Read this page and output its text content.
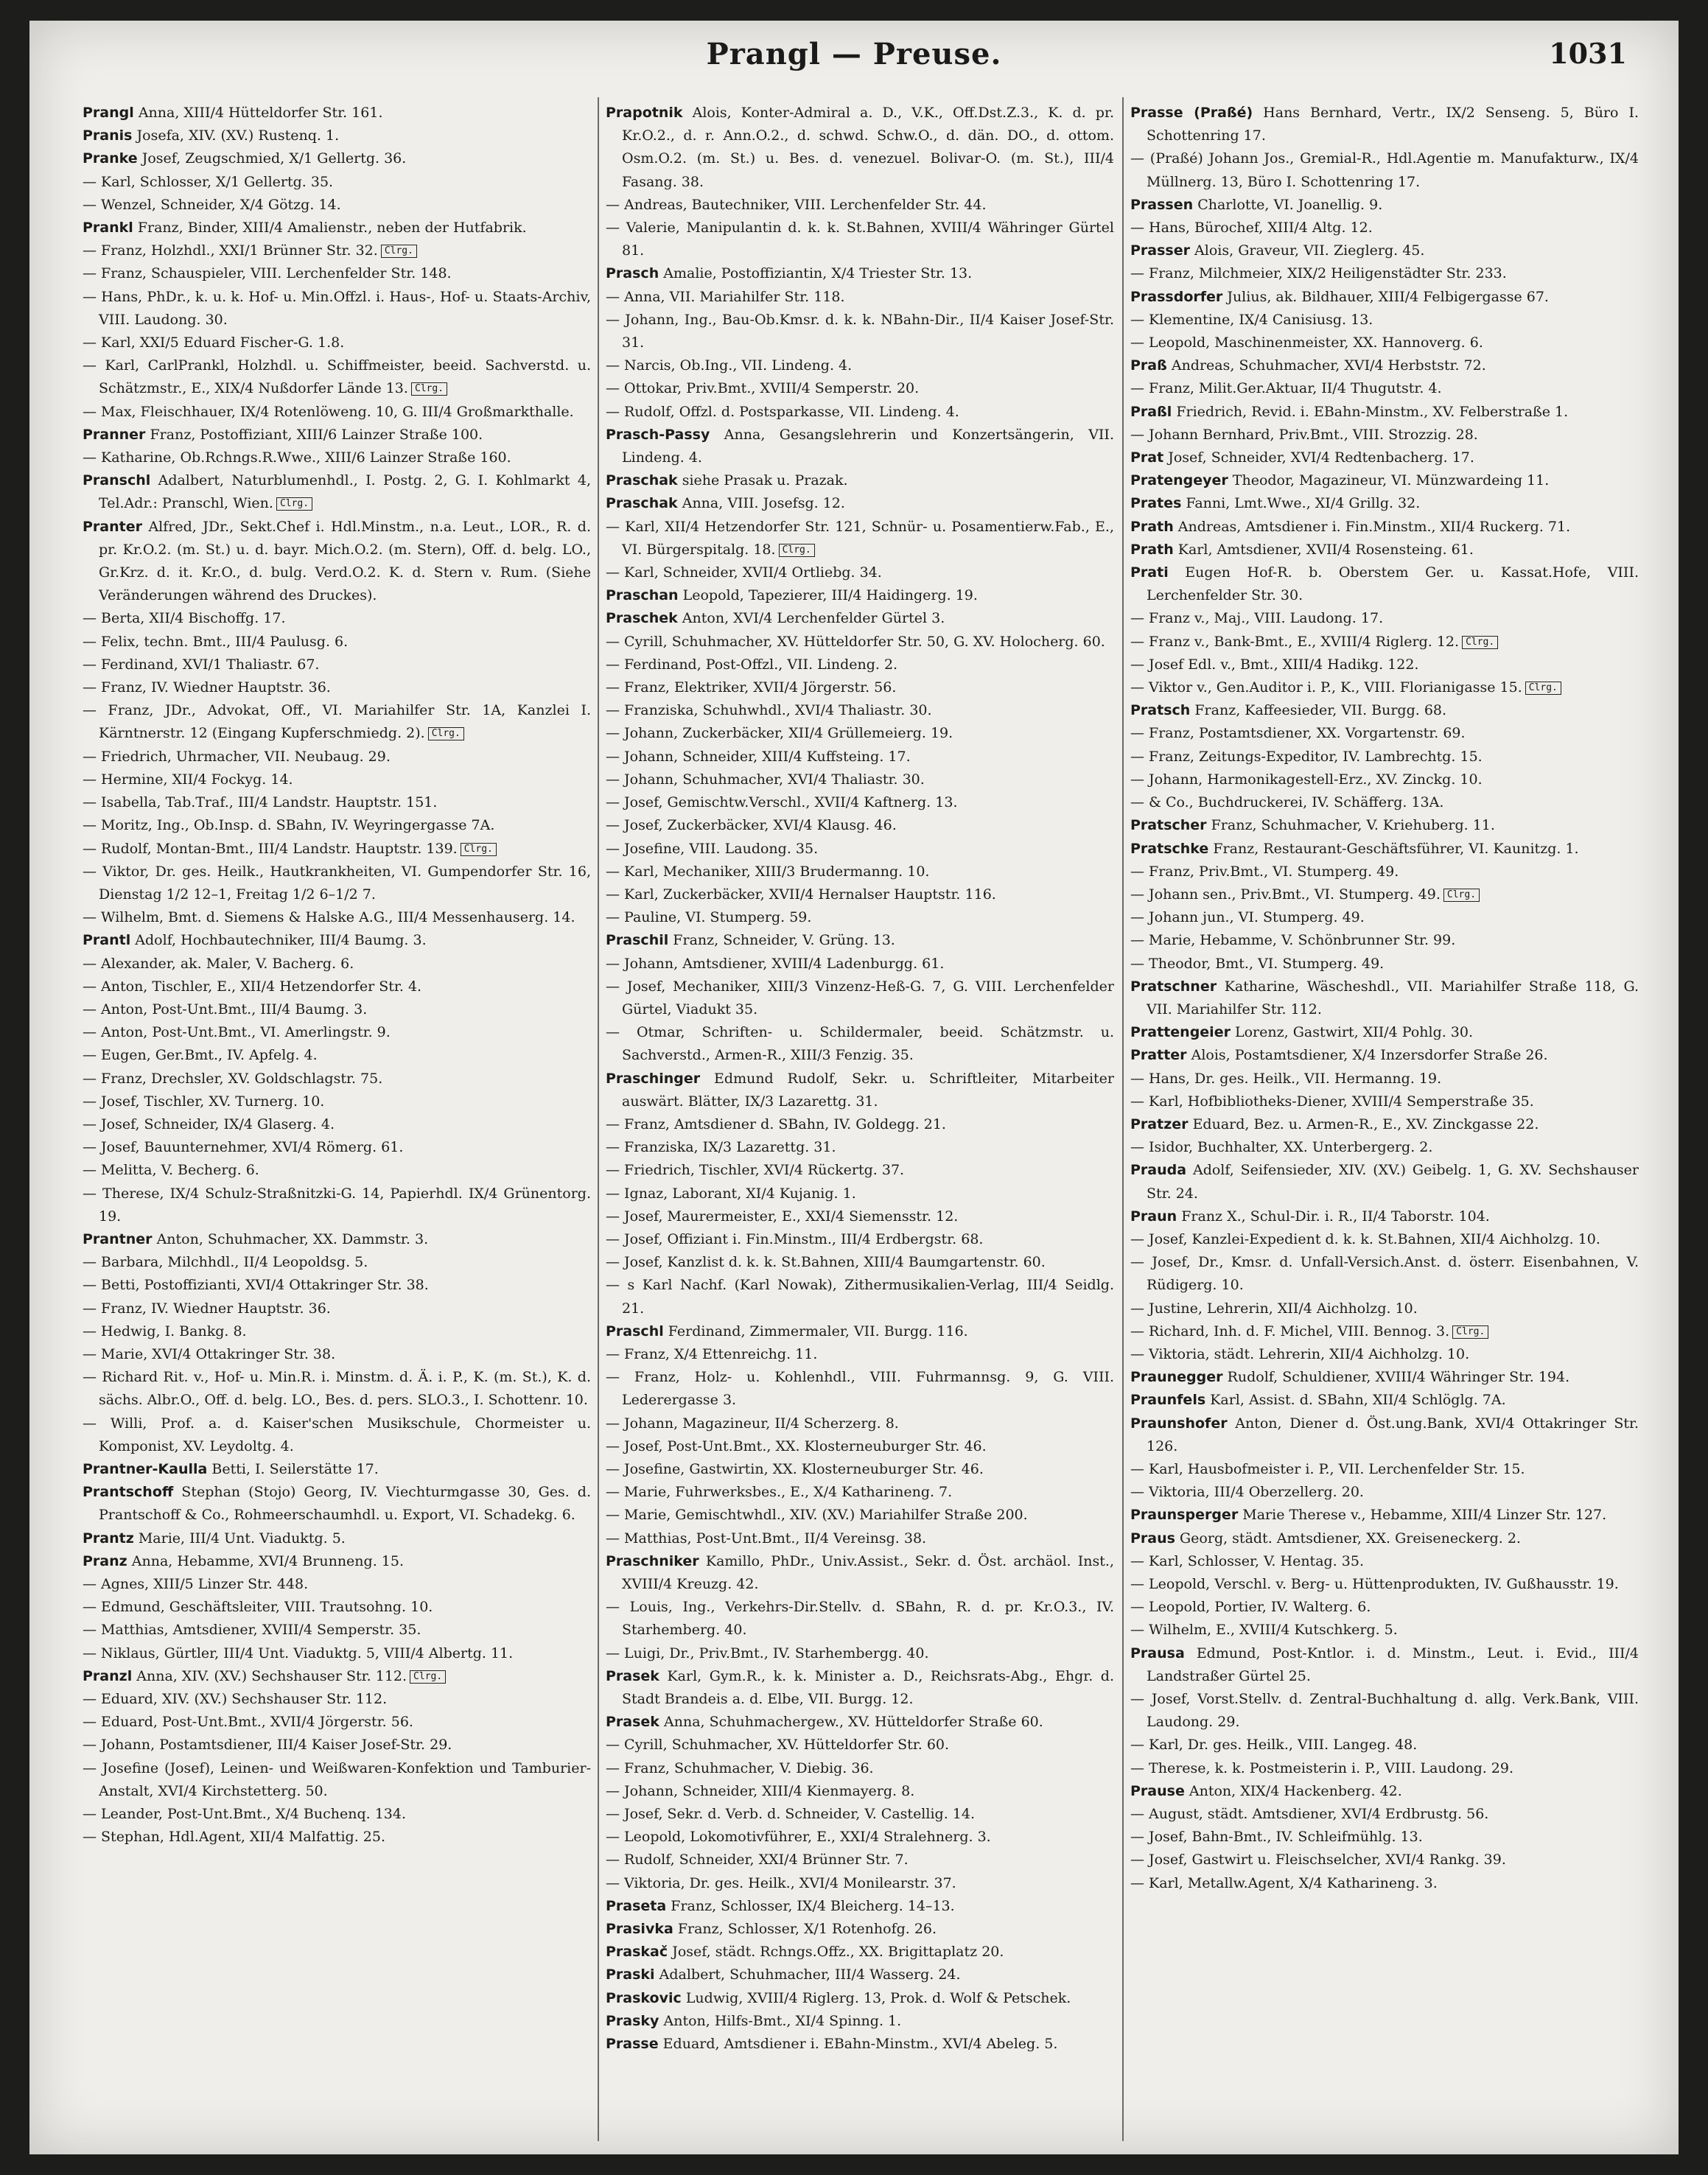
Prangl — Preuse.	1031
Prangl Anna, XIII/4 Hütteldorfer Str. 161.
Pranis Josefa, XIV. (XV.) Rustenq. 1.
Pranke Josef, Zeugschmied, X/1 Gellertg. 36.
— Karl, Schlosser, X/1 Gellertg. 35.
— Wenzel, Schneider, X/4 Götzg. 14.
Prankl Franz, Binder, XIII/4 Amalienstr., neben der Hutfabrik.
— Franz, Holzhdl., XXI/1 Brünner Str. 32. Clrg.
— Franz, Schauspieler, VIII. Lerchenfelder Str. 148.
— Hans, PhDr., k. u. k. Hof- u. Min.Offzl. i. Haus-, Hof- u. Staats-Archiv, VIII. Laudong. 30.
— Karl, XXI/5 Eduard Fischer-G. 1.8.
— Karl, CarlPrankl, Holzhdl. u. Schiffmeister, beeid. Sachverstd. u. Schätzmstr., E., XIX/4 Nußdorfer Lände 13. Clrg.
— Max, Fleischhauer, IX/4 Rotenlöweng. 10, G. III/4 Großmarkthalle.
Pranner Franz, Postoffiziant, XIII/6 Lainzer Straße 100.
— Katharine, Ob.Rchngs.R.Wwe., XIII/6 Lainzer Straße 160.
Pranschl Adalbert, Naturblumenhdl., I. Postg. 2, G. I. Kohlmarkt 4, Tel.Adr.: Pranschl, Wien. Clrg.
Pranter Alfred, JDr., Sekt.Chef i. Hdl.Minstm., n.a. Leut., LOR., R. d. pr. Kr.O.2. (m. St.) u. d. bayr. Mich.O.2. (m. Stern), Off. d. belg. LO., Gr.Krz. d. it. Kr.O., d. bulg. Verd.O.2. K. d. Stern v. Rum. (Siehe Veränderungen während des Druckes).
— Berta, XII/4 Bischoffg. 17.
— Felix, techn. Bmt., III/4 Paulusg. 6.
— Ferdinand, XVI/1 Thaliastr. 67.
— Franz, IV. Wiedner Hauptstr. 36.
— Franz, JDr., Advokat, Off., VI. Mariahilfer Str. 1A, Kanzlei I. Kärntnerstr. 12 (Eingang Kupferschmiedg. 2). Clrg.
— Friedrich, Uhrmacher, VII. Neubaug. 29.
— Hermine, XII/4 Fockyg. 14.
— Isabella, Tab.Traf., III/4 Landstr. Hauptstr. 151.
— Moritz, Ing., Ob.Insp. d. SBahn, IV. Weyringergasse 7A.
— Rudolf, Montan-Bmt., III/4 Landstr. Hauptstr. 139. Clrg.
— Viktor, Dr. ges. Heilk., Hautkrankheiten, VI. Gumpendorfer Str. 16, Dienstag 1/2 12–1, Freitag 1/2 6–1/2 7.
— Wilhelm, Bmt. d. Siemens & Halske A.G., III/4 Messenhauserg. 14.
Prantl Adolf, Hochbautechniker, III/4 Baumg. 3.
— Alexander, ak. Maler, V. Bacherg. 6.
— Anton, Tischler, E., XII/4 Hetzendorfer Str. 4.
— Anton, Post-Unt.Bmt., III/4 Baumg. 3.
— Anton, Post-Unt.Bmt., VI. Amerlingstr. 9.
— Eugen, Ger.Bmt., IV. Apfelg. 4.
— Franz, Drechsler, XV. Goldschlagstr. 75.
— Josef, Tischler, XV. Turnerg. 10.
— Josef, Schneider, IX/4 Glaserg. 4.
— Josef, Bauunternehmer, XVI/4 Römerg. 61.
— Melitta, V. Becherg. 6.
— Therese, IX/4 Schulz-Straßnitzki-G. 14, Papierhdl. IX/4 Grünentorg. 19.
Prantner Anton, Schuhmacher, XX. Dammstr. 3.
— Barbara, Milchhdl., II/4 Leopoldsg. 5.
— Betti, Postoffizianti, XVI/4 Ottakringer Str. 38.
— Franz, IV. Wiedner Hauptstr. 36.
— Hedwig, I. Bankg. 8.
— Marie, XVI/4 Ottakringer Str. 38.
— Richard Rit. v., Hof- u. Min.R. i. Minstm. d. Ä. i. P., K. (m. St.), K. d. sächs. Albr.O., Off. d. belg. LO., Bes. d. pers. SLO.3., I. Schottenr. 10.
— Willi, Prof. a. d. Kaiser'schen Musikschule, Chormeister u. Komponist, XV. Leydoltg. 4.
Prantner-Kaulla Betti, I. Seilerstätte 17.
Prantschoff Stephan (Stojo) Georg, IV. Viechturmgasse 30, Ges. d. Prantschoff & Co., Rohmeerschaumhdl. u. Export, VI. Schadekg. 6.
Prantz Marie, III/4 Unt. Viaduktg. 5.
Pranz Anna, Hebamme, XVI/4 Brunneng. 15.
— Agnes, XIII/5 Linzer Str. 448.
— Edmund, Geschäftsleiter, VIII. Trautsohng. 10.
— Matthias, Amtsdiener, XVIII/4 Semperstr. 35.
— Niklaus, Gürtler, III/4 Unt. Viaduktg. 5, VIII/4 Albertg. 11.
Pranzl Anna, XIV. (XV.) Sechshauser Str. 112. Clrg.
— Eduard, XIV. (XV.) Sechshauser Str. 112.
— Eduard, Post-Unt.Bmt., XVII/4 Jörgerstr. 56.
— Johann, Postamtsdiener, III/4 Kaiser Josef-Str. 29.
— Josefine (Josef), Leinen- und Weißwaren-Konfektion und Tamburier-Anstalt, XVI/4 Kirchstetterg. 50.
— Leander, Post-Unt.Bmt., X/4 Buchenq. 134.
— Stephan, Hdl.Agent, XII/4 Malfattig. 25.
Prapotnik Alois, Konter-Admiral a. D., V.K., Off.Dst.Z.3., K. d. pr. Kr.O.2., d. r. Ann.O.2., d. schwd. Schw.O., d. dän. DO., d. ottom. Osm.O.2. (m. St.) u. Bes. d. venezuel. Bolivar-O. (m. St.), III/4 Fasang. 38.
— Andreas, Bautechniker, VIII. Lerchenfelder Str. 44.
— Valerie, Manipulantin d. k. k. St.Bahnen, XVIII/4 Währinger Gürtel 81.
Prasch Amalie, Postoffiziantin, X/4 Triester Str. 13.
— Anna, VII. Mariahilfer Str. 118.
— Johann, Ing., Bau-Ob.Kmsr. d. k. k. NBahn-Dir., II/4 Kaiser Josef-Str. 31.
— Narcis, Ob.Ing., VII. Lindeng. 4.
— Ottokar, Priv.Bmt., XVIII/4 Semperstr. 20.
— Rudolf, Offzl. d. Postsparkasse, VII. Lindeng. 4.
Prasch-Passy Anna, Gesangslehrerin und Konzertsängerin, VII. Lindeng. 4.
Praschak siehe Prasak u. Prazak.
Praschak Anna, VIII. Josefsg. 12.
— Karl, XII/4 Hetzendorfer Str. 121, Schnür- u. Posamentierw.Fab., E., VI. Bürgerspitalg. 18. Clrg.
— Karl, Schneider, XVII/4 Ortliebg. 34.
Praschan Leopold, Tapezierer, III/4 Haidingerg. 19.
Praschek Anton, XVI/4 Lerchenfelder Gürtel 3.
— Cyrill, Schuhmacher, XV. Hütteldorfer Str. 50, G. XV. Holocherg. 60.
— Ferdinand, Post-Offzl., VII. Lindeng. 2.
— Franz, Elektriker, XVII/4 Jörgerstr. 56.
— Franziska, Schuhwhdl., XVI/4 Thaliastr. 30.
— Johann, Zuckerbäcker, XII/4 Grüllemeierg. 19.
— Johann, Schneider, XIII/4 Kuffsteing. 17.
— Johann, Schuhmacher, XVI/4 Thaliastr. 30.
— Josef, Gemischtw.Verschl., XVII/4 Kaftnerg. 13.
— Josef, Zuckerbäcker, XVI/4 Klausg. 46.
— Josefine, VIII. Laudong. 35.
— Karl, Mechaniker, XIII/3 Brudermanng. 10.
— Karl, Zuckerbäcker, XVII/4 Hernalser Hauptstr. 116.
— Pauline, VI. Stumperg. 59.
Praschil Franz, Schneider, V. Grüng. 13.
— Johann, Amtsdiener, XVIII/4 Ladenburgg. 61.
— Josef, Mechaniker, XIII/3 Vinzenz-Heß-G. 7, G. VIII. Lerchenfelder Gürtel, Viadukt 35.
— Otmar, Schriften- u. Schildermaler, beeid. Schätzmstr. u. Sachverstd., Armen-R., XIII/3 Fenzig. 35.
Praschinger Edmund Rudolf, Sekr. u. Schriftleiter, Mitarbeiter auswärt. Blätter, IX/3 Lazarettg. 31.
— Franz, Amtsdiener d. SBahn, IV. Goldegg. 21.
— Franziska, IX/3 Lazarettg. 31.
— Friedrich, Tischler, XVI/4 Rückertg. 37.
— Ignaz, Laborant, XI/4 Kujanig. 1.
— Josef, Maurermeister, E., XXI/4 Siemensstr. 12.
— Josef, Offiziant i. Fin.Minstm., III/4 Erdbergstr. 68.
— Josef, Kanzlist d. k. k. St.Bahnen, XIII/4 Baumgartenstr. 60.
— s Karl Nachf. (Karl Nowak), Zithermusikalien-Verlag, III/4 Seidlg. 21.
Praschl Ferdinand, Zimmermaler, VII. Burgg. 116.
— Franz, X/4 Ettenreichg. 11.
— Franz, Holz- u. Kohlenhdl., VIII. Fuhrmannsg. 9, G. VIII. Lederergasse 3.
— Johann, Magazineur, II/4 Scherzerg. 8.
— Josef, Post-Unt.Bmt., XX. Klosterneuburger Str. 46.
— Josefine, Gastwirtin, XX. Klosterneuburger Str. 46.
— Marie, Fuhrwerksbes., E., X/4 Katharineng. 7.
— Marie, Gemischtwhdl., XIV. (XV.) Mariahilfer Straße 200.
— Matthias, Post-Unt.Bmt., II/4 Vereinsg. 38.
Praschniker Kamillo, PhDr., Univ.Assist., Sekr. d. Öst. archäol. Inst., XVIII/4 Kreuzg. 42.
— Louis, Ing., Verkehrs-Dir.Stellv. d. SBahn, R. d. pr. Kr.O.3., IV. Starhemberg. 40.
— Luigi, Dr., Priv.Bmt., IV. Starhembergg. 40.
Prasek Karl, Gym.R., k. k. Minister a. D., Reichsrats-Abg., Ehgr. d. Stadt Brandeis a. d. Elbe, VII. Burgg. 12.
Prasek Anna, Schuhmachergew., XV. Hütteldorfer Straße 60.
— Cyrill, Schuhmacher, XV. Hütteldorfer Str. 60.
— Franz, Schuhmacher, V. Diebig. 36.
— Johann, Schneider, XIII/4 Kienmayerg. 8.
— Josef, Sekr. d. Verb. d. Schneider, V. Castellig. 14.
— Leopold, Lokomotivführer, E., XXI/4 Stralehnerg. 3.
— Rudolf, Schneider, XXI/4 Brünner Str. 7.
— Viktoria, Dr. ges. Heilk., XVI/4 Monilearstr. 37.
Praseta Franz, Schlosser, IX/4 Bleicherg. 14–13.
Prasivka Franz, Schlosser, X/1 Rotenhofg. 26.
Praskač Josef, städt. Rchngs.Offz., XX. Brigittaplatz 20.
Praski Adalbert, Schuhmacher, III/4 Wasserg. 24.
Praskovic Ludwig, XVIII/4 Riglerg. 13, Prok. d. Wolf & Petschek.
Prasky Anton, Hilfs-Bmt., XI/4 Spinng. 1.
Prasse Eduard, Amtsdiener i. EBahn-Minstm., XVI/4 Abeleg. 5.
Prasse (Praßé) Hans Bernhard, Vertr., IX/2 Senseng. 5, Büro I. Schottenring 17.
— (Praßé) Johann Jos., Gremial-R., Hdl.Agentie m. Manufakturw., IX/4 Müllnerg. 13, Büro I. Schottenring 17.
Prassen Charlotte, VI. Joanellig. 9.
— Hans, Bürochef, XIII/4 Altg. 12.
Prasser Alois, Graveur, VII. Zieglerg. 45.
— Franz, Milchmeier, XIX/2 Heiligenstädter Str. 233.
Prassdorfer Julius, ak. Bildhauer, XIII/4 Felbigergasse 67.
— Klementine, IX/4 Canisiusg. 13.
— Leopold, Maschinenmeister, XX. Hannoverg. 6.
Praß Andreas, Schuhmacher, XVI/4 Herbststr. 72.
— Franz, Milit.Ger.Aktuar, II/4 Thugutstr. 4.
Praßl Friedrich, Revid. i. EBahn-Minstm., XV. Felberstraße 1.
— Johann Bernhard, Priv.Bmt., VIII. Strozzig. 28.
Prat Josef, Schneider, XVI/4 Redtenbacherg. 17.
Pratengeyer Theodor, Magazineur, VI. Münzwardeing 11.
Prates Fanni, Lmt.Wwe., XI/4 Grillg. 32.
Prath Andreas, Amtsdiener i. Fin.Minstm., XII/4 Ruckerg. 71.
Prath Karl, Amtsdiener, XVII/4 Rosensteing. 61.
Prati Eugen Hof-R. b. Oberstem Ger. u. Kassat.Hofe, VIII. Lerchenfelder Str. 30.
— Franz v., Maj., VIII. Laudong. 17.
— Franz v., Bank-Bmt., E., XVIII/4 Riglerg. 12. Clrg.
— Josef Edl. v., Bmt., XIII/4 Hadikg. 122.
— Viktor v., Gen.Auditor i. P., K., VIII. Florianigasse 15. Clrg.
Pratsch Franz, Kaffeesieder, VII. Burgg. 68.
— Franz, Postamtsdiener, XX. Vorgartenstr. 69.
— Franz, Zeitungs-Expeditor, IV. Lambrechtg. 15.
— Johann, Harmonikagestell-Erz., XV. Zinckg. 10.
— & Co., Buchdruckerei, IV. Schäfferg. 13A.
Pratscher Franz, Schuhmacher, V. Kriehuberg. 11.
Pratschke Franz, Restaurant-Geschäftsführer, VI. Kaunitzg. 1.
— Franz, Priv.Bmt., VI. Stumperg. 49.
— Johann sen., Priv.Bmt., VI. Stumperg. 49. Clrg.
— Johann jun., VI. Stumperg. 49.
— Marie, Hebamme, V. Schönbrunner Str. 99.
— Theodor, Bmt., VI. Stumperg. 49.
Pratschner Katharine, Wäscheshdl., VII. Mariahilfer Straße 118, G. VII. Mariahilfer Str. 112.
Prattengeier Lorenz, Gastwirt, XII/4 Pohlg. 30.
Pratter Alois, Postamtsdiener, X/4 Inzersdorfer Straße 26.
— Hans, Dr. ges. Heilk., VII. Hermanng. 19.
— Karl, Hofbibliotheks-Diener, XVIII/4 Semperstraße 35.
Pratzer Eduard, Bez. u. Armen-R., E., XV. Zinckgasse 22.
— Isidor, Buchhalter, XX. Unterbergerg. 2.
Prauda Adolf, Seifensieder, XIV. (XV.) Geibelg. 1, G. XV. Sechshauser Str. 24.
Praun Franz X., Schul-Dir. i. R., II/4 Taborstr. 104.
— Josef, Kanzlei-Expedient d. k. k. St.Bahnen, XII/4 Aichholzg. 10.
— Josef, Dr., Kmsr. d. Unfall-Versich.Anst. d. österr. Eisenbahnen, V. Rüdigerg. 10.
— Justine, Lehrerin, XII/4 Aichholzg. 10.
— Richard, Inh. d. F. Michel, VIII. Bennog. 3. Clrg.
— Viktoria, städt. Lehrerin, XII/4 Aichholzg. 10.
Praunegger Rudolf, Schuldiener, XVIII/4 Währinger Str. 194.
Praunfels Karl, Assist. d. SBahn, XII/4 Schlöglg. 7A.
Praunshofer Anton, Diener d. Öst.ung.Bank, XVI/4 Ottakringer Str. 126.
— Karl, Hausbofmeister i. P., VII. Lerchenfelder Str. 15.
— Viktoria, III/4 Oberzellerg. 20.
Praunsperger Marie Therese v., Hebamme, XIII/4 Linzer Str. 127.
Praus Georg, städt. Amtsdiener, XX. Greiseneckerg. 2.
— Karl, Schlosser, V. Hentag. 35.
— Leopold, Verschl. v. Berg- u. Hüttenprodukten, IV. Gußhausstr. 19.
— Leopold, Portier, IV. Walterg. 6.
— Wilhelm, E., XVIII/4 Kutschkerg. 5.
Prausa Edmund, Post-Kntlor. i. d. Minstm., Leut. i. Evid., III/4 Landstraßer Gürtel 25.
— Josef, Vorst.Stellv. d. Zentral-Buchhaltung d. allg. Verk.Bank, VIII. Laudong. 29.
— Karl, Dr. ges. Heilk., VIII. Langeg. 48.
— Therese, k. k. Postmeisterin i. P., VIII. Laudong. 29.
Prause Anton, XIX/4 Hackenberg. 42.
— August, städt. Amtsdiener, XVI/4 Erdbrustg. 56.
— Josef, Bahn-Bmt., IV. Schleifmühlg. 13.
— Josef, Gastwirt u. Fleischselcher, XVI/4 Rankg. 39.
— Karl, Metallw.Agent, X/4 Katharineng. 3.
